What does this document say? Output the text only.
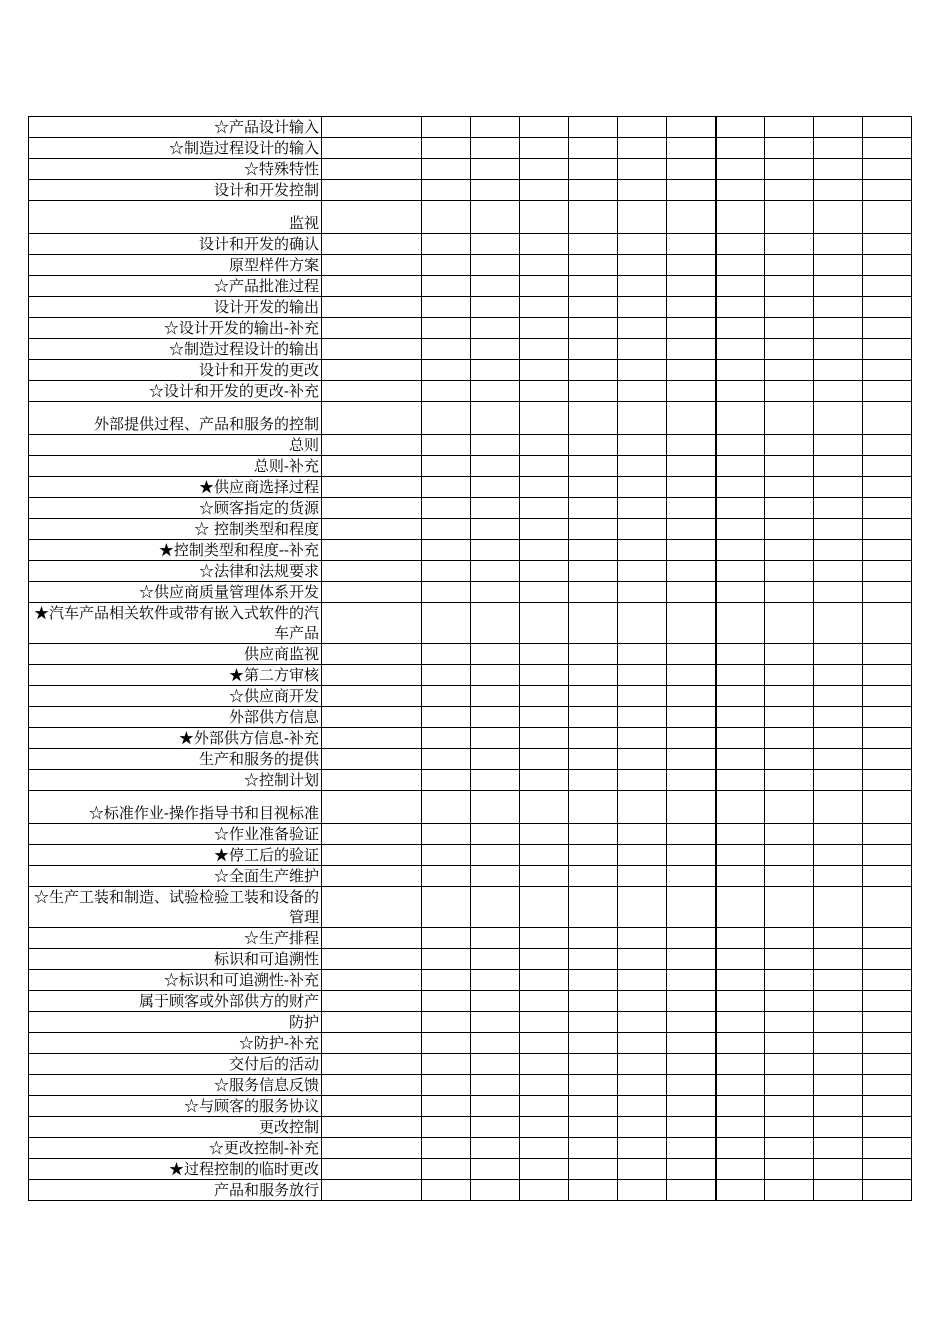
☆产品设计输入											
☆制造过程设计的输入											
☆特殊特性											
设计和开发控制											
监视											
设计和开发的确认											
原型样件方案											
☆产品批准过程											
设计开发的输出											
☆设计开发的输出-补充											
☆制造过程设计的输出											
设计和开发的更改											
☆设计和开发的更改-补充											
外部提供过程、产品和服务的控制											
总则											
总则-补充											
★供应商选择过程											
☆顾客指定的货源											
☆ 控制类型和程度											
★控制类型和程度--补充											
☆法律和法规要求											
☆供应商质量管理体系开发											
★汽车产品相关软件或带有嵌入式软件的汽车产品											
供应商监视											
★第二方审核											
☆供应商开发											
外部供方信息											
★外部供方信息-补充											
生产和服务的提供											
☆控制计划											
☆标准作业-操作指导书和目视标准											
☆作业准备验证											
★停工后的验证											
☆全面生产维护											
☆生产工装和制造、试验检验工装和设备的管理											
☆生产排程											
标识和可追溯性											
☆标识和可追溯性-补充											
属于顾客或外部供方的财产											
防护											
☆防护-补充											
交付后的活动											
☆服务信息反馈											
☆与顾客的服务协议											
更改控制											
☆更改控制-补充											
★过程控制的临时更改											
产品和服务放行											
